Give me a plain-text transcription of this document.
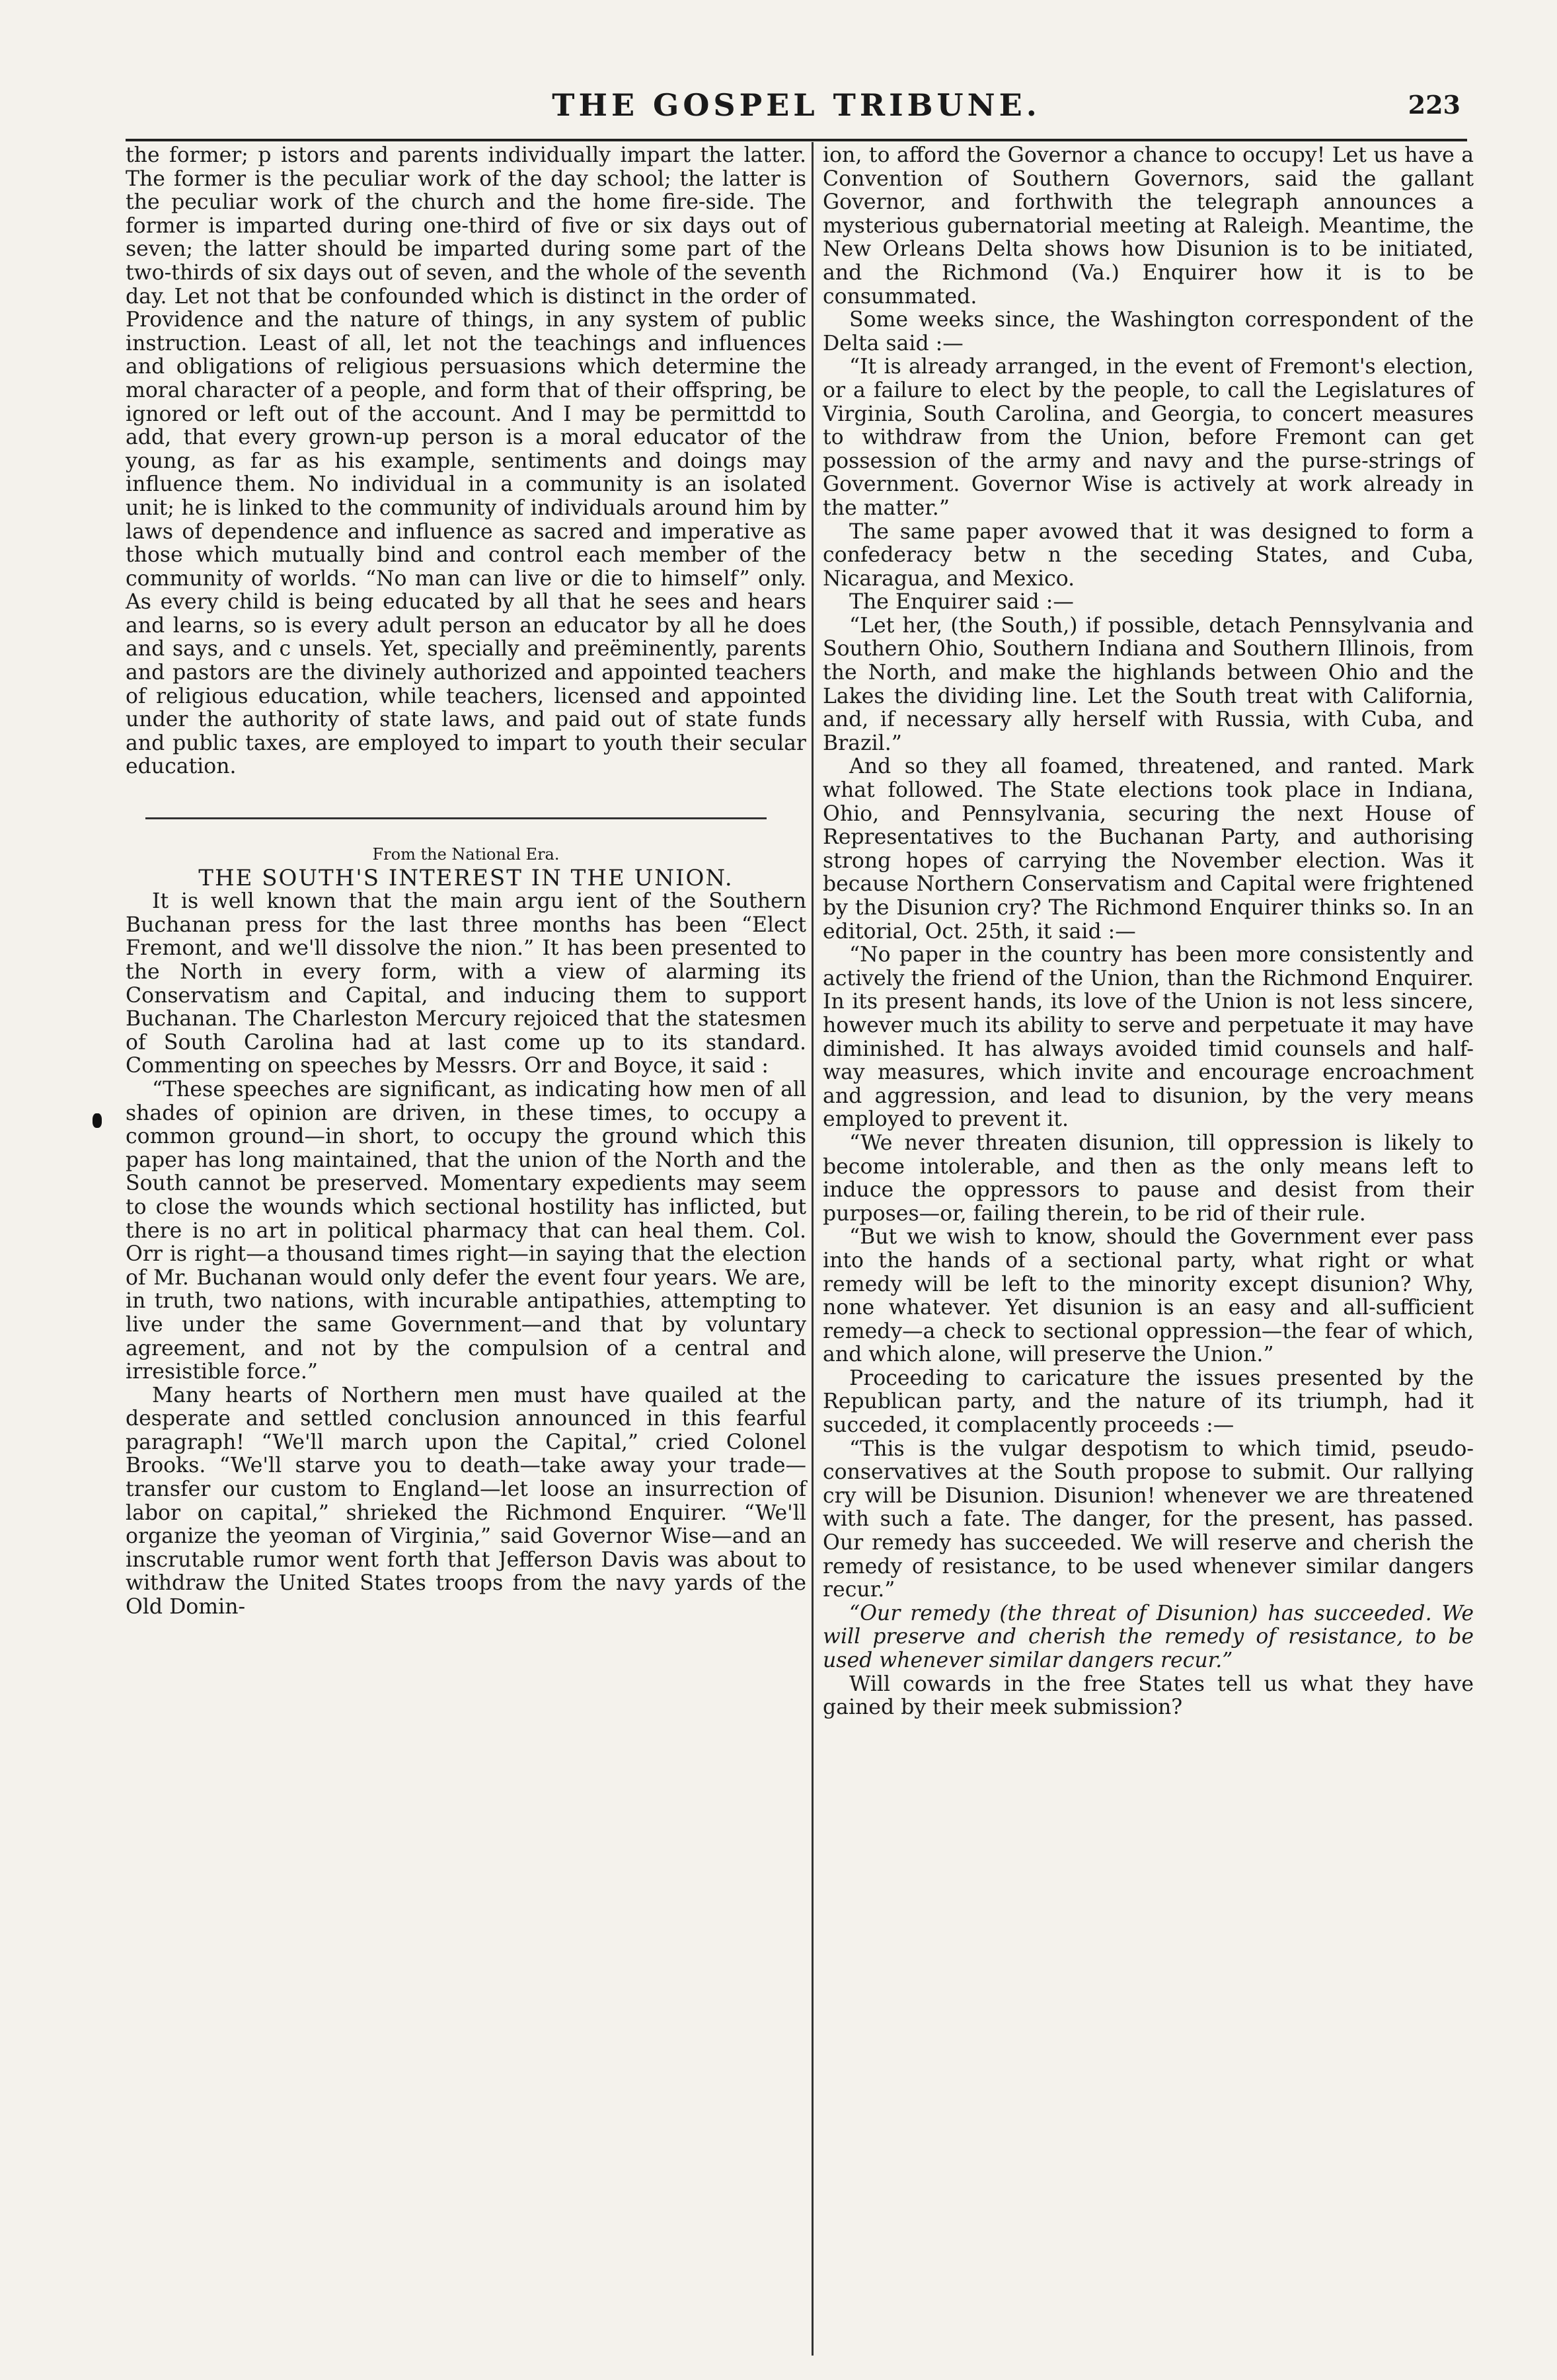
THE GOSPEL TRIBUNE.	223

the former; p istors and parents individually impart the latter. The former is the peculiar work of the day school; the latter is the peculiar work of the church and the home fire-side. The former is imparted during one-third of five or six days out of seven; the latter should be imparted during some part of the two-thirds of six days out of seven, and the whole of the seventh day. Let not that be confounded which is distinct in the order of Providence and the nature of things, in any system of public instruction. Least of all, let not the teachings and influences and obligations of religious persuasions which determine the moral character of a people, and form that of their offspring, be ignored or left out of the account. And I may be permittdd to add, that every grown-up person is a moral educator of the young, as far as his example, sentiments and doings may influence them. No individual in a community is an isolated unit; he is linked to the community of individuals around him by laws of dependence and influence as sacred and imperative as those which mutually bind and control each member of the community of worlds. “No man can live or die to himself” only. As every child is being educated by all that he sees and hears and learns, so is every adult person an educator by all he does and says, and c unsels. Yet, specially and preëminently, parents and pastors are the divinely authorized and appointed teachers of religious education, while teachers, licensed and appointed under the authority of state laws, and paid out of state funds and public taxes, are employed to impart to youth their secular education.

From the National Era.

THE SOUTH'S INTEREST IN THE UNION.

It is well known that the main argu ient of the Southern Buchanan press for the last three months has been “Elect Fremont, and we'll dissolve the nion.” It has been presented to the North in every form, with a view of alarming its Conservatism and Capital, and inducing them to support Buchanan. The Charleston Mercury rejoiced that the statesmen of South Carolina had at last come up to its standard. Commenting on speeches by Messrs. Orr and Boyce, it said :

“These speeches are significant, as indicating how men of all shades of opinion are driven, in these times, to occupy a common ground—in short, to occupy the ground which this paper has long maintained, that the union of the North and the South cannot be preserved. Momentary expedients may seem to close the wounds which sectional hostility has inflicted, but there is no art in political pharmacy that can heal them. Col. Orr is right—a thousand times right—in saying that the election of Mr. Buchanan would only defer the event four years. We are, in truth, two nations, with incurable antipathies, attempting to live under the same Government—and that by voluntary agreement, and not by the compulsion of a central and irresistible force.”

Many hearts of Northern men must have quailed at the desperate and settled conclusion announced in this fearful paragraph! “We'll march upon the Capital,” cried Colonel Brooks. “We'll starve you to death—take away your trade—transfer our custom to England—let loose an insurrection of labor on capital,” shrieked the Richmond Enquirer. “We'll organize the yeoman of Virginia,” said Governor Wise—and an inscrutable rumor went forth that Jefferson Davis was about to withdraw the United States troops from the navy yards of the Old Domin-

ion, to afford the Governor a chance to occupy! Let us have a Convention of Southern Governors, said the gallant Governor, and forthwith the telegraph announces a mysterious gubernatorial meeting at Raleigh. Meantime, the New Orleans Delta shows how Disunion is to be initiated, and the Richmond (Va.) Enquirer how it is to be consummated.

Some weeks since, the Washington correspondent of the Delta said :—

“It is already arranged, in the event of Fremont's election, or a failure to elect by the people, to call the Legislatures of Virginia, South Carolina, and Georgia, to concert measures to withdraw from the Union, before Fremont can get possession of the army and navy and the purse-strings of Government. Governor Wise is actively at work already in the matter.”

The same paper avowed that it was designed to form a confederacy betw n the seceding States, and Cuba, Nicaragua, and Mexico.

The Enquirer said :—

“Let her, (the South,) if possible, detach Pennsylvania and Southern Ohio, Southern Indiana and Southern Illinois, from the North, and make the highlands between Ohio and the Lakes the dividing line. Let the South treat with California, and, if necessary ally herself with Russia, with Cuba, and Brazil.”

And so they all foamed, threatened, and ranted. Mark what followed. The State elections took place in Indiana, Ohio, and Pennsylvania, securing the next House of Representatives to the Buchanan Party, and authorising strong hopes of carrying the November election. Was it because Northern Conservatism and Capital were frightened by the Disunion cry? The Richmond Enquirer thinks so. In an editorial, Oct. 25th, it said :—

“No paper in the country has been more consistently and actively the friend of the Union, than the Richmond Enquirer. In its present hands, its love of the Union is not less sincere, however much its ability to serve and perpetuate it may have diminished. It has always avoided timid counsels and half-way measures, which invite and encourage encroachment and aggression, and lead to disunion, by the very means employed to prevent it.

“We never threaten disunion, till oppression is likely to become intolerable, and then as the only means left to induce the oppressors to pause and desist from their purposes—or, failing therein, to be rid of their rule.

“But we wish to know, should the Government ever pass into the hands of a sectional party, what right or what remedy will be left to the minority except disunion? Why, none whatever. Yet disunion is an easy and all-sufficient remedy—a check to sectional oppression—the fear of which, and which alone, will preserve the Union.”

Proceeding to caricature the issues presented by the Republican party, and the nature of its triumph, had it succeded, it complacently proceeds :—

“This is the vulgar despotism to which timid, pseudo-conservatives at the South propose to submit. Our rallying cry will be Disunion. Disunion! whenever we are threatened with such a fate. The danger, for the present, has passed. Our remedy has succeeded. We will reserve and cherish the remedy of resistance, to be used whenever similar dangers recur.”

“Our remedy (the threat of Disunion) has succeeded. We will preserve and cherish the remedy of resistance, to be used whenever similar dangers recur.”

Will cowards in the free States tell us what they have gained by their meek submission?
